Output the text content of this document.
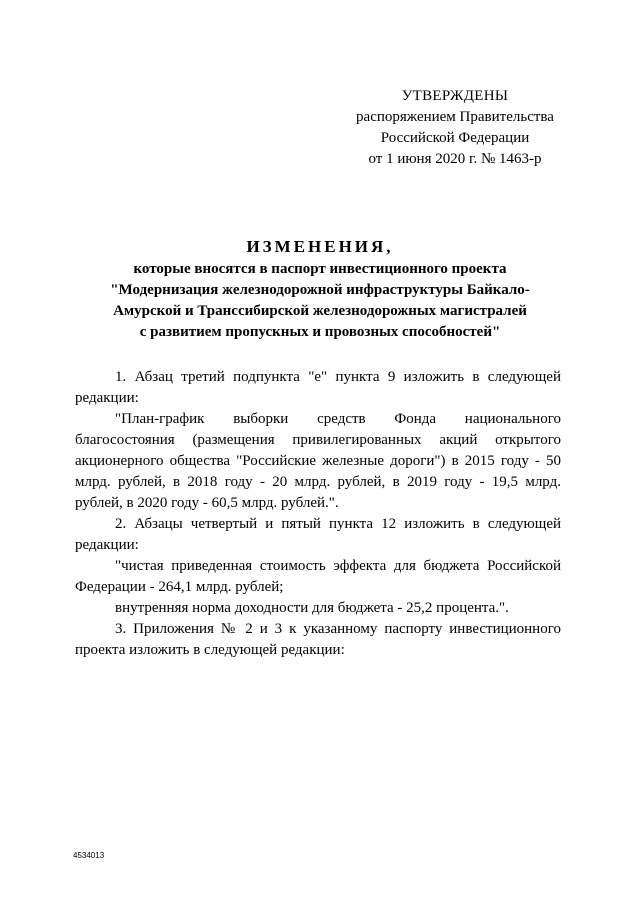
УТВЕРЖДЕНЫ
распоряжением Правительства
Российской Федерации
от 1 июня 2020 г. № 1463-р
ИЗМЕНЕНИЯ,
которые вносятся в паспорт инвестиционного проекта
"Модернизация железнодорожной инфраструктуры Байкало-
Амурской и Транссибирской железнодорожных магистралей
с развитием пропускных и провозных способностей"

1. Абзац третий подпункта "е" пункта 9 изложить в следующей редакции:

"План-график выборки средств Фонда национального благосостояния (размещения привилегированных акций открытого акционерного общества "Российские железные дороги") в 2015 году - 50 млрд. рублей, в 2018 году - 20 млрд. рублей, в 2019 году - 19,5 млрд. рублей, в 2020 году - 60,5 млрд. рублей.".

2. Абзацы четвертый и пятый пункта 12 изложить в следующей редакции:

"чистая приведенная стоимость эффекта для бюджета Российской Федерации - 264,1 млрд. рублей;

внутренняя норма доходности для бюджета - 25,2 процента.".

3. Приложения № 2 и 3 к указанному паспорту инвестиционного проекта изложить в следующей редакции:

4534013
